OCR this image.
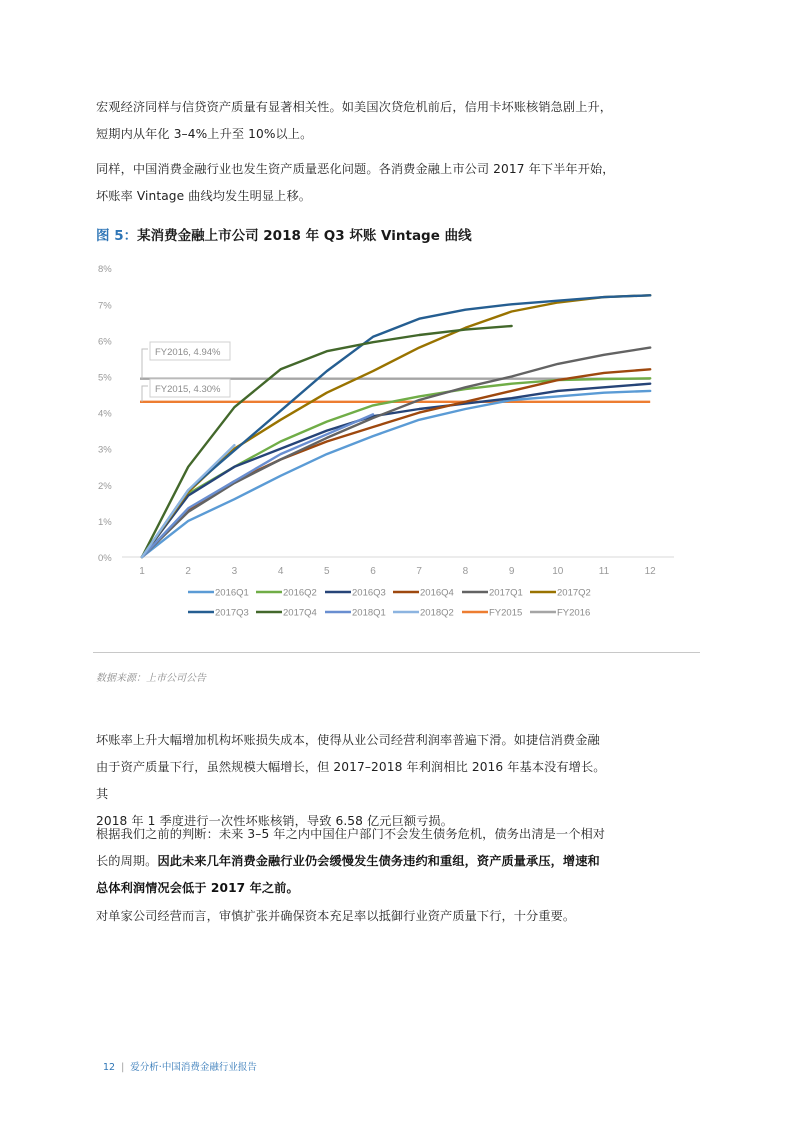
宏观经济同样与信贷资产质量有显著相关性。如美国次贷危机前后，信用卡坏账核销急剧上升，
短期内从年化 3–4%上升至 10%以上。
同样，中国消费金融行业也发生资产质量恶化问题。各消费金融上市公司 2017 年下半年开始，
坏账率 Vintage 曲线均发生明显上移。
图 5：某消费金融上市公司 2018 年 Q3 坏账 Vintage 曲线
0%
1%
2%
3%
4%
5%
6%
7%
8%
1	2	3	4	5	6	7	8	9	10	11	12
FY2016, 4.94%
FY2015, 4.30%
2016Q1	2016Q2	2016Q3	2016Q4	2017Q1	2017Q2
2017Q3	2017Q4	2018Q1	2018Q2	FY2015	FY2016
数据来源：上市公司公告
坏账率上升大幅增加机构坏账损失成本，使得从业公司经营利润率普遍下滑。如捷信消费金融
由于资产质量下行，虽然规模大幅增长，但 2017–2018 年利润相比 2016 年基本没有增长。其
2018 年 1 季度进行一次性坏账核销，导致 6.58 亿元巨额亏损。
根据我们之前的判断：未来 3–5 年之内中国住户部门不会发生债务危机，债务出清是一个相对
长的周期。因此未来几年消费金融行业仍会缓慢发生债务违约和重组，资产质量承压，增速和
总体利润情况会低于 2017 年之前。
对单家公司经营而言，审慎扩张并确保资本充足率以抵御行业资产质量下行，十分重要。
12 | 爱分析·中国消费金融行业报告
